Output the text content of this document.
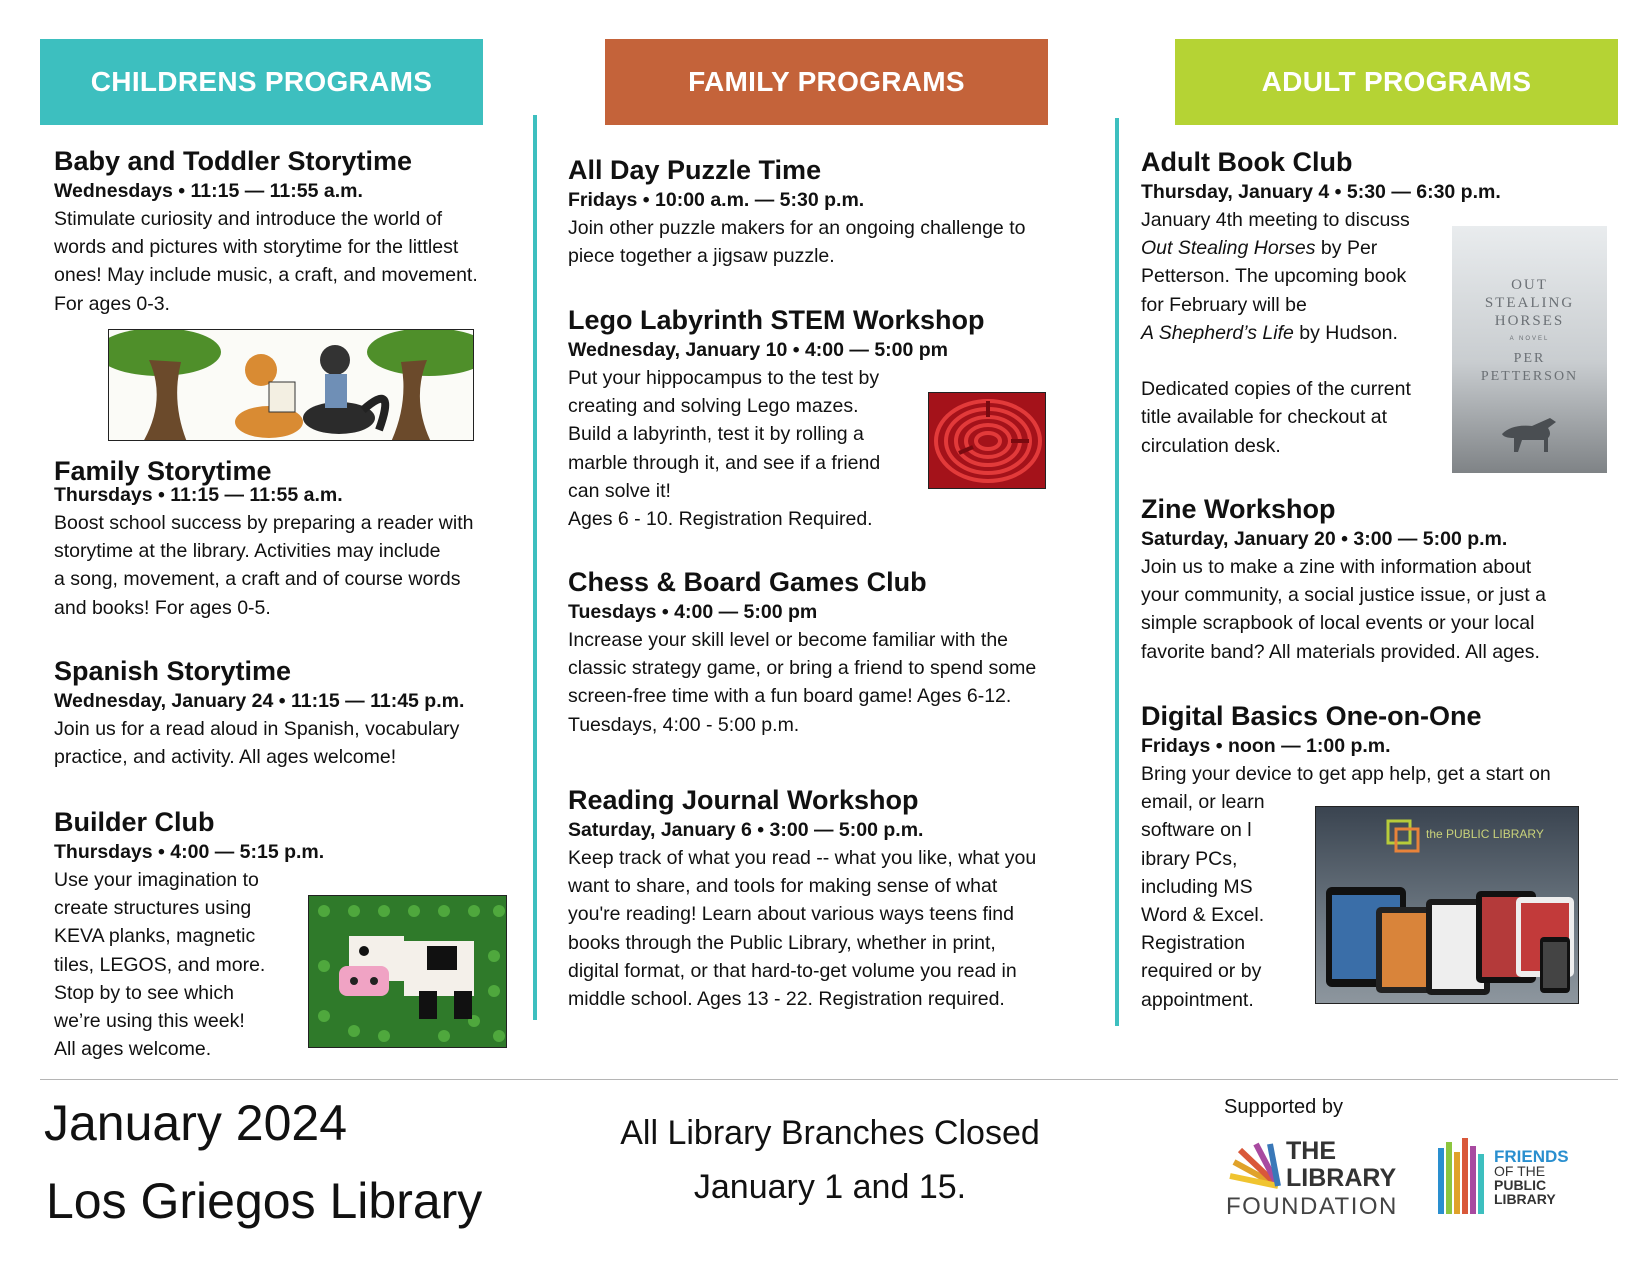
CHILDRENS PROGRAMS	FAMILY PROGRAMS	ADULT PROGRAMS
Baby and Toddler Storytime
Wednesdays • 11:15 — 11:55 a.m.

Stimulate curiosity and introduce the world of

words and pictures with storytime for the littlest

ones! May include music, a craft, and movement.

For ages 0-3.

Family Storytime
Thursdays • 11:15 — 11:55 a.m.

Boost school success by preparing a reader with

storytime at the library. Activities may include

a song, movement, a craft and of course words

and books! For ages 0-5.

Spanish Storytime
Wednesday, January 24 • 11:15 — 11:45 p.m.

Join us for a read aloud in Spanish, vocabulary

practice, and activity. All ages welcome!

Builder Club
Thursdays • 4:00 — 5:15 p.m.

Use your imagination to

create structures using

KEVA planks, magnetic

tiles, LEGOS, and more.

Stop by to see which

we’re using this week!

All ages welcome.

All Day Puzzle Time
Fridays • 10:00 a.m. — 5:30 p.m.

Join other puzzle makers for an ongoing challenge to

piece together a jigsaw puzzle.

Lego Labyrinth STEM Workshop
Wednesday, January 10 • 4:00 — 5:00 pm

Put your hippocampus to the test by

creating and solving Lego mazes.

Build a labyrinth, test it by rolling a

marble through it, and see if a friend

can solve it!

Ages 6 - 10. Registration Required.

Chess & Board Games Club
Tuesdays • 4:00 — 5:00 pm

Increase your skill level or become familiar with the

classic strategy game, or bring a friend to spend some

screen-free time with a fun board game! Ages 6-12.

Tuesdays, 4:00 - 5:00 p.m.

Reading Journal Workshop
Saturday, January 6 • 3:00 — 5:00 p.m.

Keep track of what you read -- what you like, what you

want to share, and tools for making sense of what

you're reading! Learn about various ways teens find

books through the Public Library, whether in print,

digital format, or that hard-to-get volume you read in

middle school. Ages 13 - 22. Registration required.

Adult Book Club
Thursday, January 4 • 5:30 — 6:30 p.m.

January 4th meeting to discuss

Out Stealing Horses by Per

Petterson. The upcoming book

for February will be

A Shepherd’s Life by Hudson.

Dedicated copies of the current

title available for checkout at

circulation desk.

OUT STEALING HORSES
A NOVEL
PER PETTERSON
Zine Workshop
Saturday, January 20 • 3:00 — 5:00 p.m.

Join us to make a zine with information about

your community, a social justice issue, or just a

simple scrapbook of local events or your local

favorite band? All materials provided. All ages.

Digital Basics One-on-One
Fridays • noon — 1:00 p.m.

Bring your device to get app help, get a start on

email, or learn

software on l

ibrary PCs,

including MS

Word & Excel.

Registration

required or by

appointment.

the PUBLIC LIBRARY
January 2024
Los Griegos Library
All Library Branches Closed
January 1 and 15.
Supported by
THE
LIBRARY
FOUNDATION
FRIENDS
OF THE
PUBLIC
LIBRARY
